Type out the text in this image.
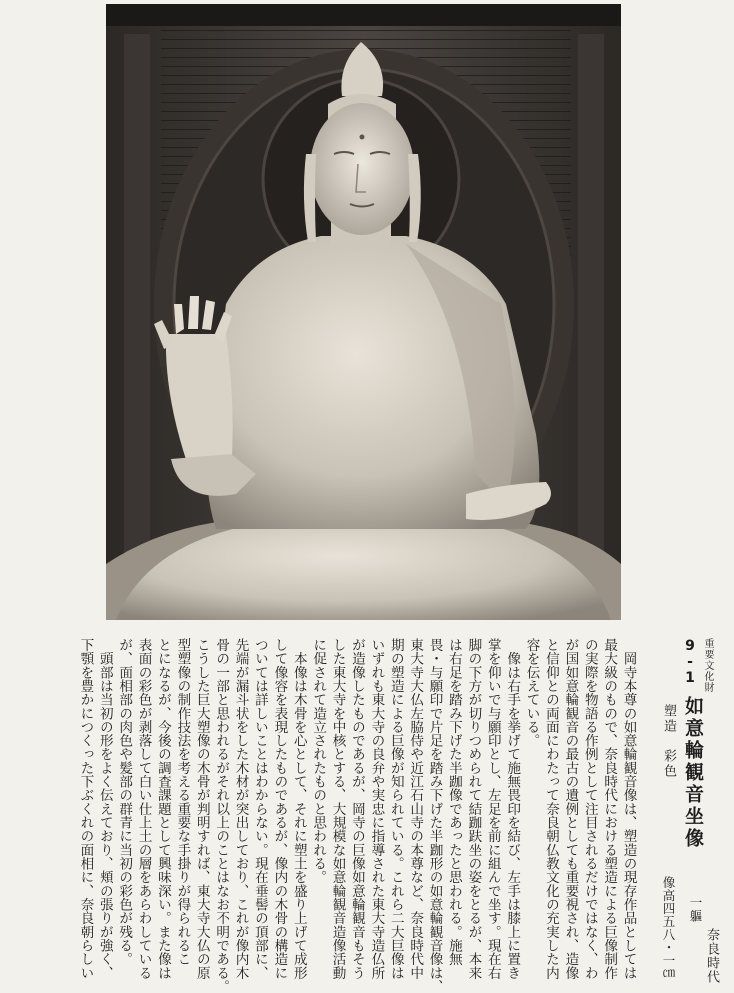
重要文化財
9-1
如意輪観音坐像
一軀
奈良時代
塑造　彩色
像高四五八・一㎝
　岡寺本尊の如意輪観音像は、塑造の現存作品としては
最大級のもので、奈良時代における塑造による巨像制作
の実際を物語る作例として注目されるだけではなく、わ
が国如意輪観音の最古の遺例としても重要視され、造像
と信仰との両面にわたって奈良朝仏教文化の充実した内
容を伝えている。
　像は右手を挙げて施無畏印を結び、左手は膝上に置き
掌を仰いで与願印とし、左足を前に組んで坐す。現在右
脚の下方が切りつめられて結跏趺坐の姿をとるが、本来
は右足を踏み下げた半跏像であったと思われる。施無
畏・与願印で片足を踏み下げた半跏形の如意輪観音像は、
東大寺大仏左脇侍や近江石山寺の本尊など、奈良時代中
期の塑造による巨像が知られている。これら二大巨像は
いずれも東大寺の良弁や実忠に指導された東大寺造仏所
が造像したものであるが、岡寺の巨像如意輪観音もそう
した東大寺を中核とする、大規模な如意輪観音造像活動
に促されて造立されたものと思われる。
　本像は木骨を心として、それに塑土を盛り上げて成形
して像容を表現したものであるが、像内の木骨の構造に
ついては詳しいことはわからない。現在垂髻の頂部に、
先端が漏斗状をした木材が突出しており、これが像内木
骨の一部と思われるがそれ以上のことはなお不明である。
こうした巨大塑像の木骨が判明すれば、東大寺大仏の原
型塑像の制作技法を考える重要な手掛りが得られるこ
とになるが、今後の調査課題として興味深い。また像は
表面の彩色が剥落して白い仕上土の層をあらわしている
が、面相部の肉色や髪部の群青に当初の彩色が残る。
　頭部は当初の形をよく伝えており、頬の張りが強く、
下顎を豊かにつくった下ぶくれの面相に、奈良朝らしい
